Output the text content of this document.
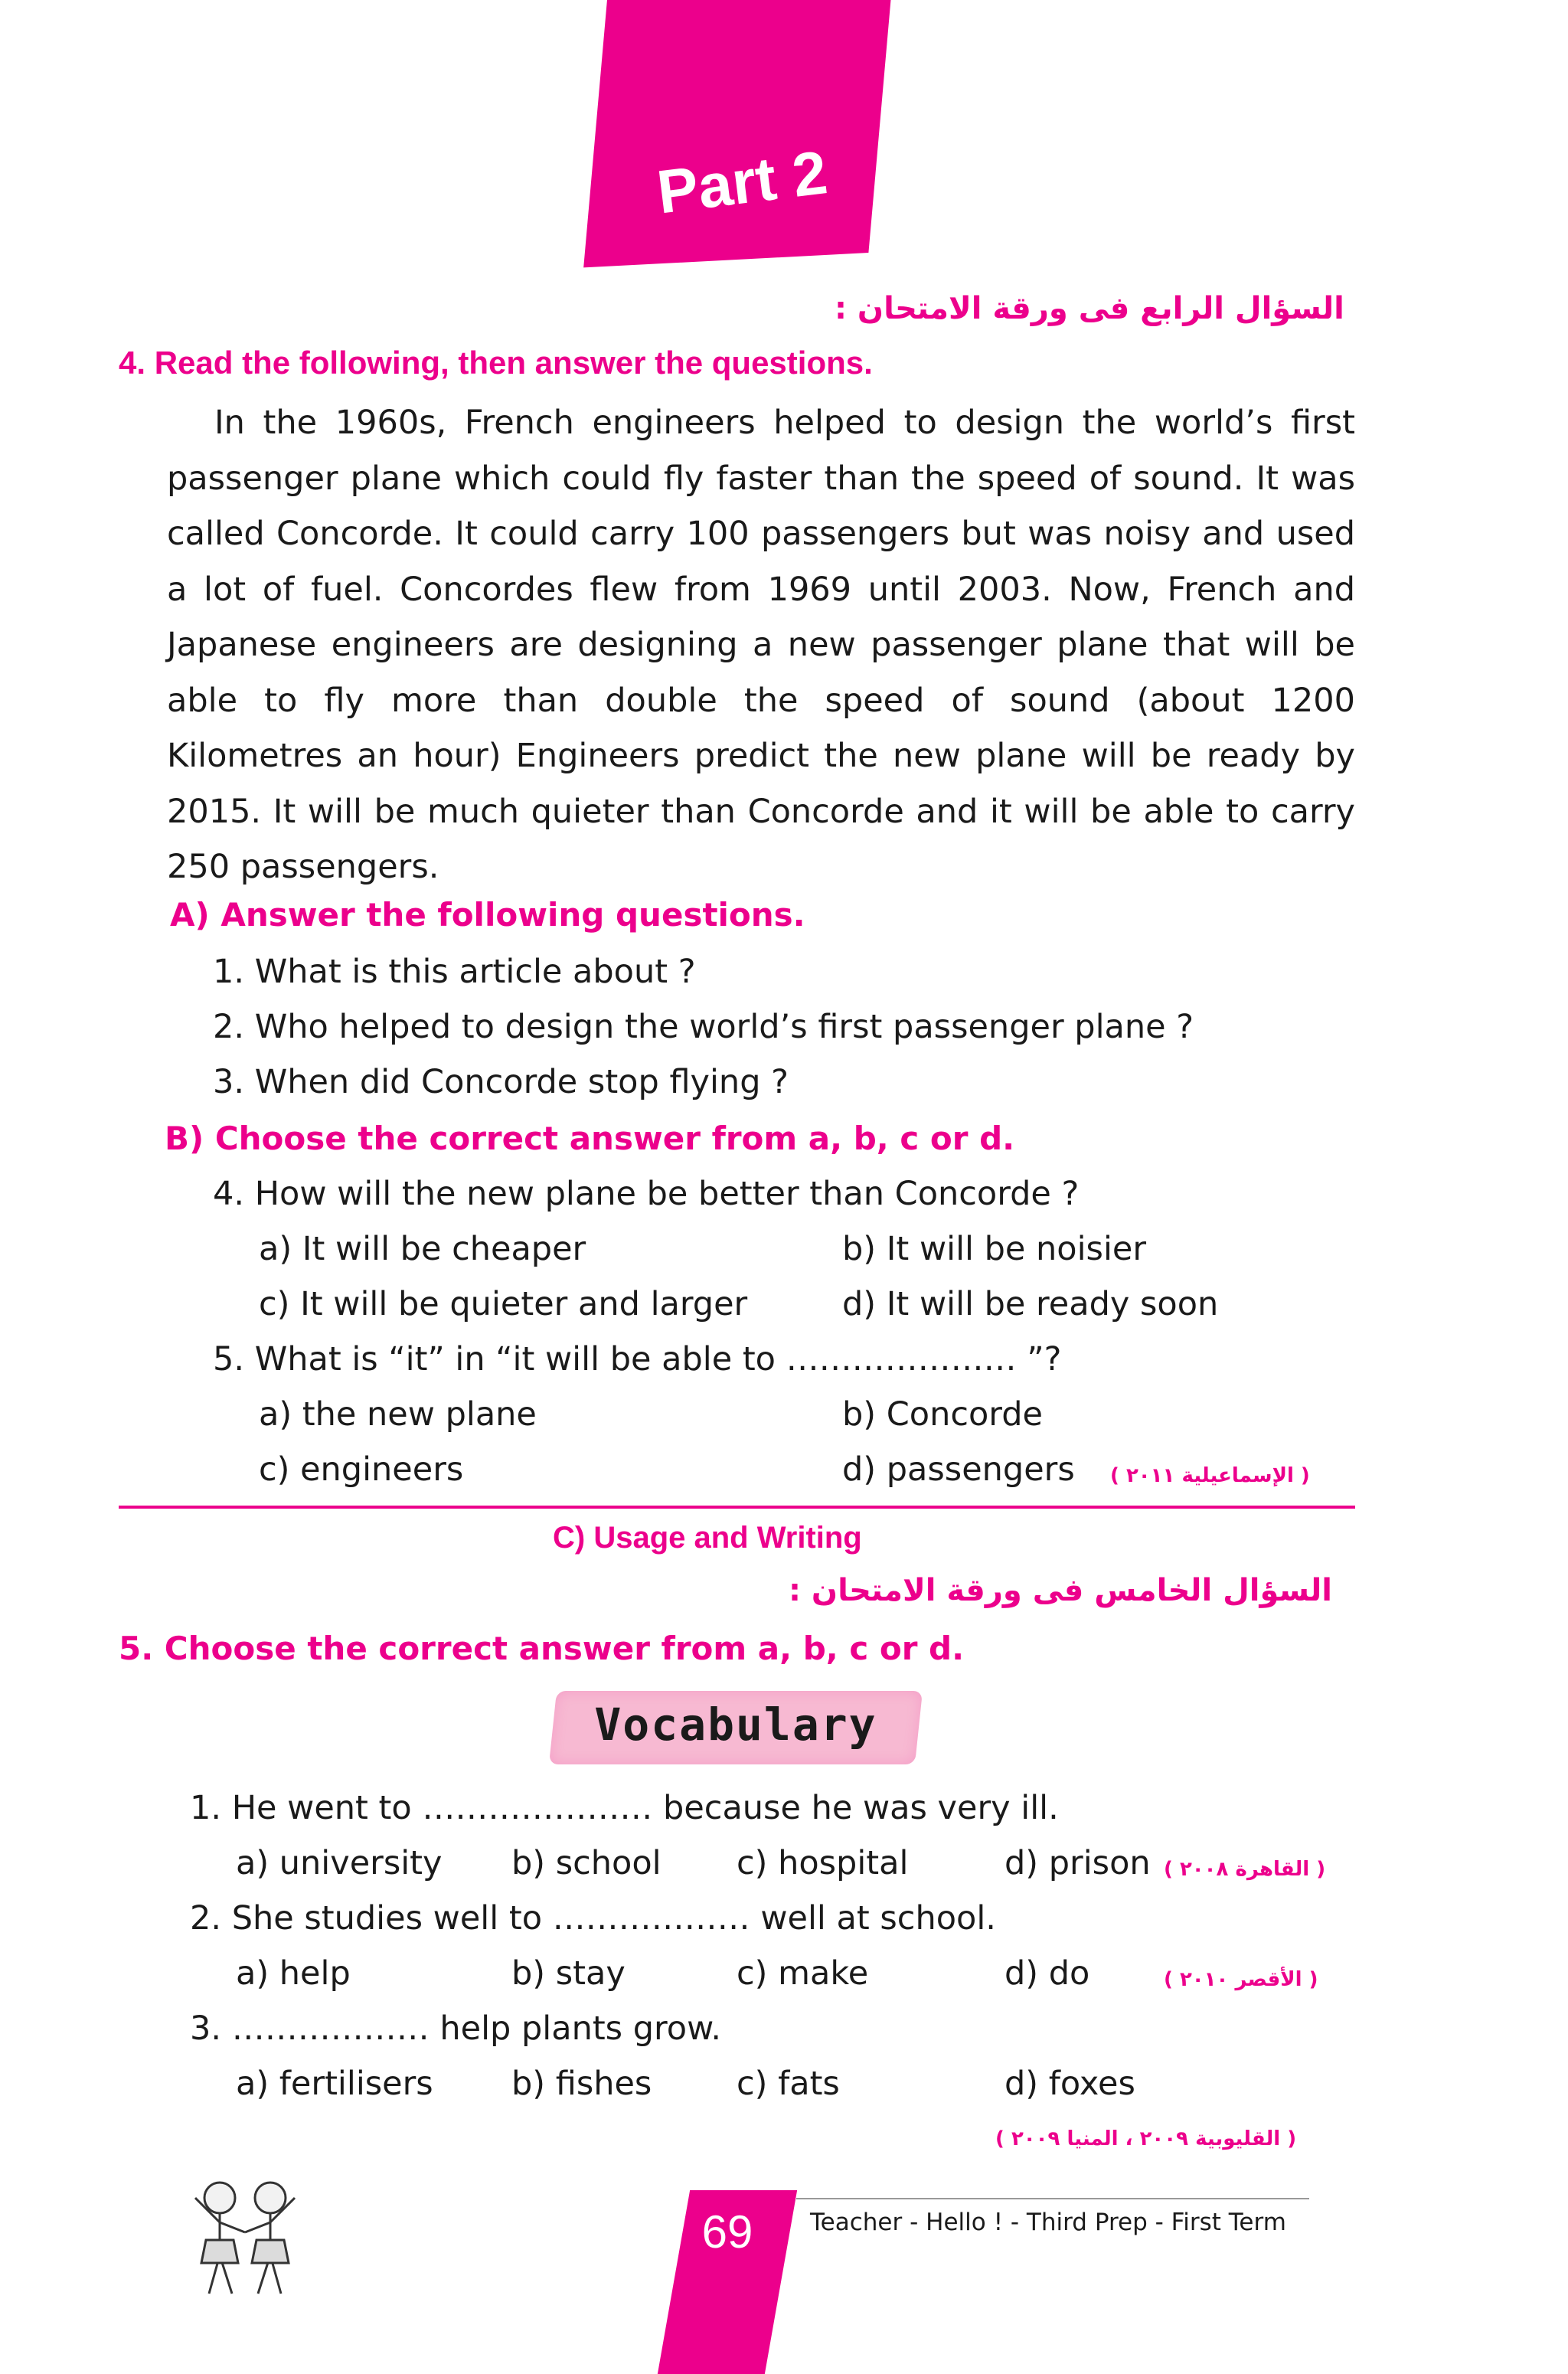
Part 2
السؤال الرابع فى ورقة الامتحان :
4. Read the following, then answer the questions.
In the 1960s, French engineers helped to design the world’s first passenger plane which could fly faster than the speed of sound. It was called Concorde. It could carry 100 passengers but was noisy and used a lot of fuel. Concordes flew from 1969 until 2003. Now, French and Japanese engineers are designing a new passenger plane that will be able to fly more than double the speed of sound (about 1200 Kilometres an hour) Engineers predict the new plane will be ready by 2015. It will be much quieter than Concorde and it will be able to carry 250 passengers.
A) Answer the following questions.
1. What is this article about ?
2. Who helped to design the world’s first passenger plane ?
3. When did Concorde stop flying ?
B) Choose the correct answer from a, b, c or d.
4. How will the new plane be better than Concorde ?
a) It will be cheaper	b) It will be noisier
c) It will be quieter and larger	d) It will be ready soon
5. What is “it” in “it will be able to ………………… ”?
a) the new plane	b) Concorde
c) engineers	d) passengers ( الإسماعيلية ٢٠١١ )
C) Usage and Writing
السؤال الخامس فى ورقة الامتحان :
5. Choose the correct answer from a, b, c or d.
Vocabulary
1. He went to ………………… because he was very ill.
a) university b) school c) hospital	d) prison ( القاهرة ٢٠٠٨ )
2. She studies well to ……………… well at school.
a) help	b) stay	c) make	d) do	( الأقصر ٢٠١٠ )
3. ……………… help plants grow.
a) fertilisers b) fishes	c) fats	d) foxes
( القليوبية ٢٠٠٩ ، المنيا ٢٠٠٩ )
69	Teacher - Hello ! - Third Prep - First Term
